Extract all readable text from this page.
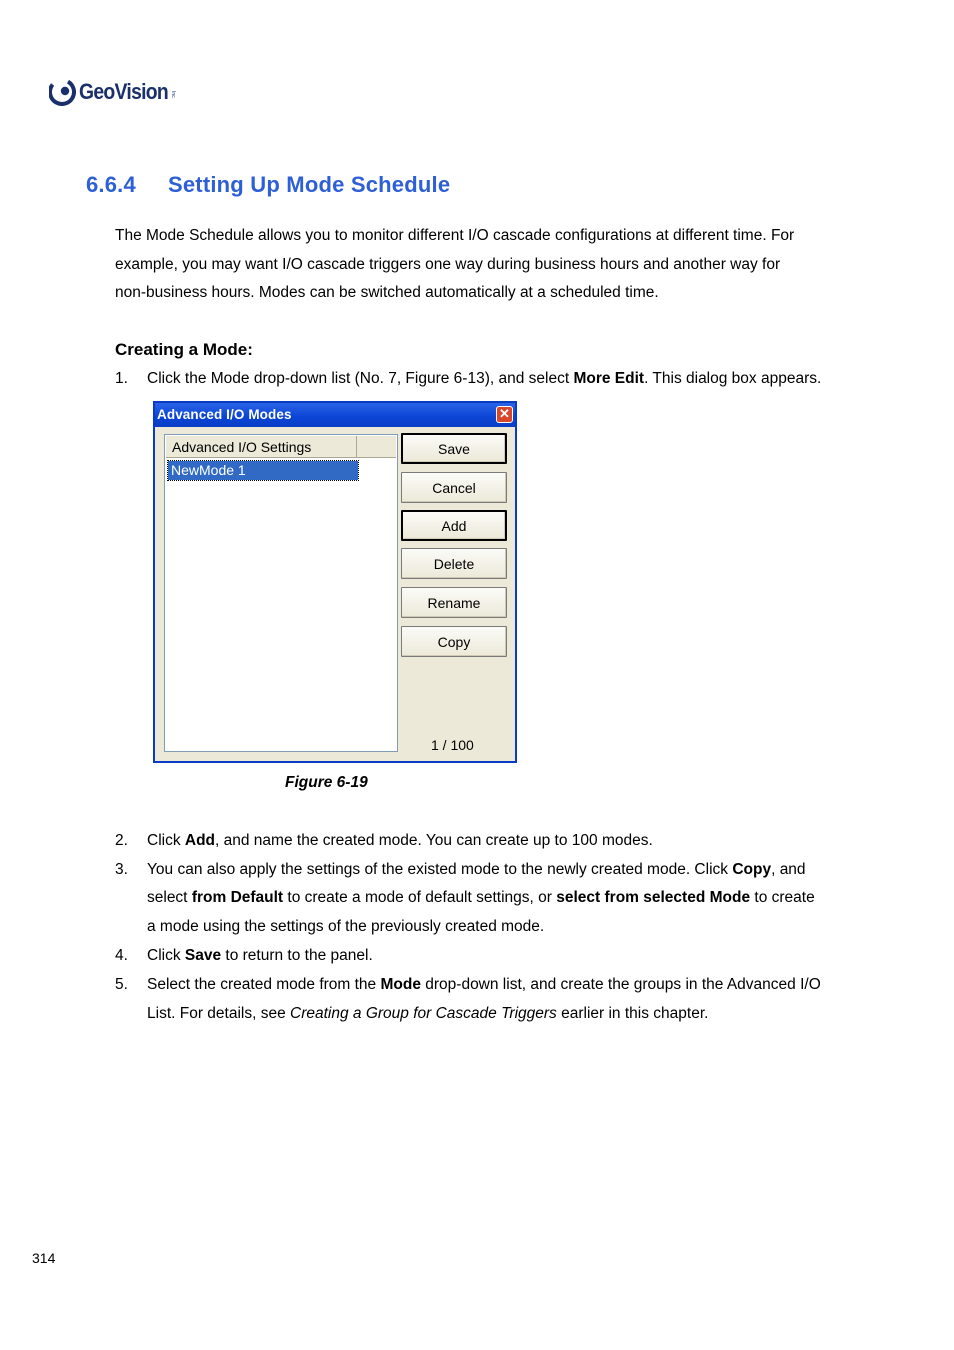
GeoVision Inc.
6.6.4 Setting Up Mode Schedule
The Mode Schedule allows you to monitor different I/O cascade configurations at different time. For
example, you may want I/O cascade triggers one way during business hours and another way for
non-business hours. Modes can be switched automatically at a scheduled time.
Creating a Mode:
1. Click the Mode drop-down list (No. 7, Figure 6-13), and select More Edit. This dialog box appears.
Advanced I/O Modes	✕
Advanced I/O Settings
NewMode 1
Save
Cancel
Add
Delete
Rename
Copy
1 / 100
Figure 6-19
2. Click Add, and name the created mode. You can create up to 100 modes.
3. You can also apply the settings of the existed mode to the newly created mode. Click Copy, and
select from Default to create a mode of default settings, or select from selected Mode to create
a mode using the settings of the previously created mode.
4. Click Save to return to the panel.
5. Select the created mode from the Mode drop-down list, and create the groups in the Advanced I/O
List. For details, see Creating a Group for Cascade Triggers earlier in this chapter.
314
